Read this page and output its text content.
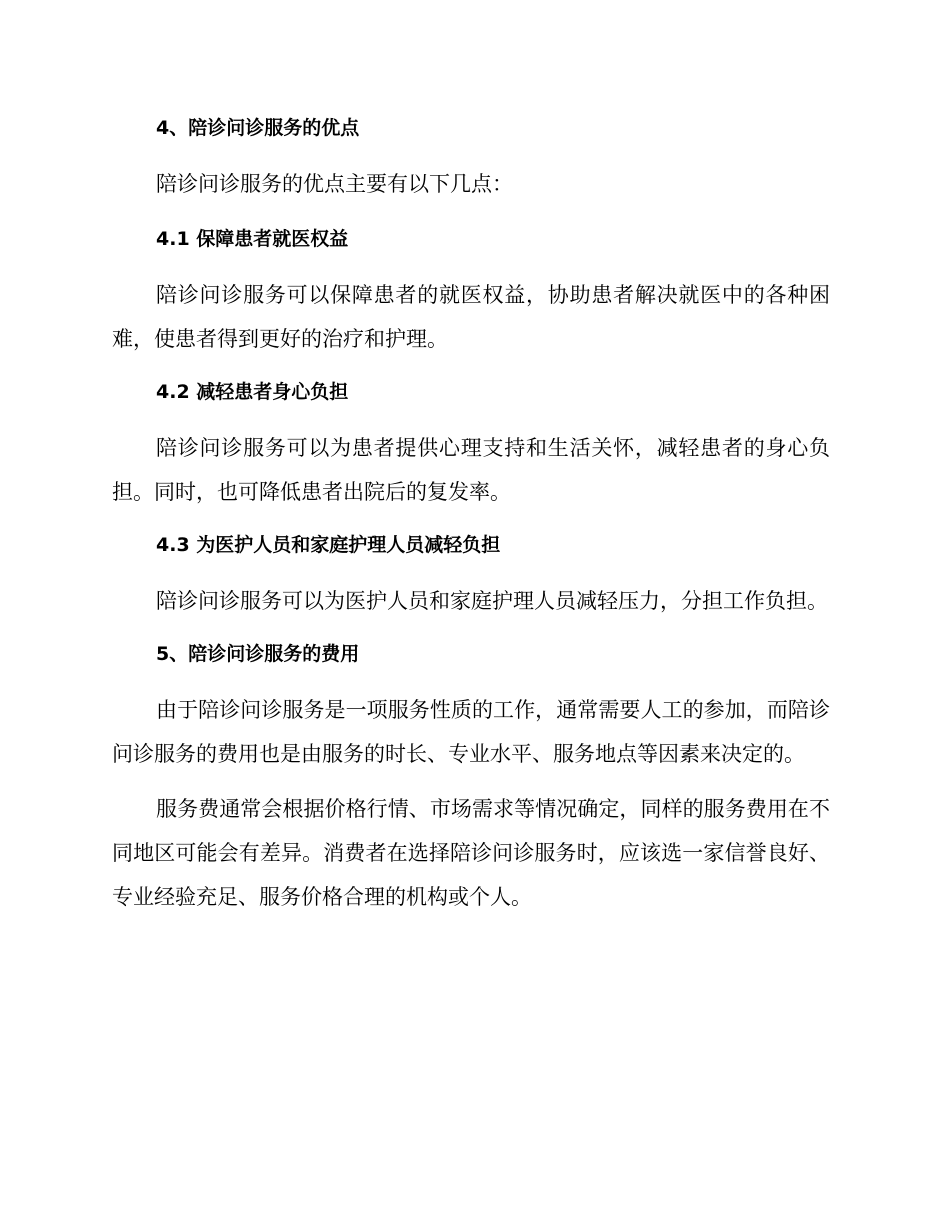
4、陪诊问诊服务的优点

陪诊问诊服务的优点主要有以下几点：

4.1 保障患者就医权益

陪诊问诊服务可以保障患者的就医权益，协助患者解决就医中的各种困难，使患者得到更好的治疗和护理。

4.2 减轻患者身心负担

陪诊问诊服务可以为患者提供心理支持和生活关怀，减轻患者的身心负担。同时，也可降低患者出院后的复发率。

4.3 为医护人员和家庭护理人员减轻负担

陪诊问诊服务可以为医护人员和家庭护理人员减轻压力，分担工作负担。

5、陪诊问诊服务的费用

由于陪诊问诊服务是一项服务性质的工作，通常需要人工的参加，而陪诊问诊服务的费用也是由服务的时长、专业水平、服务地点等因素来决定的。

服务费通常会根据价格行情、市场需求等情况确定，同样的服务费用在不同地区可能会有差异。消费者在选择陪诊问诊服务时，应该选一家信誉良好、专业经验充足、服务价格合理的机构或个人。
